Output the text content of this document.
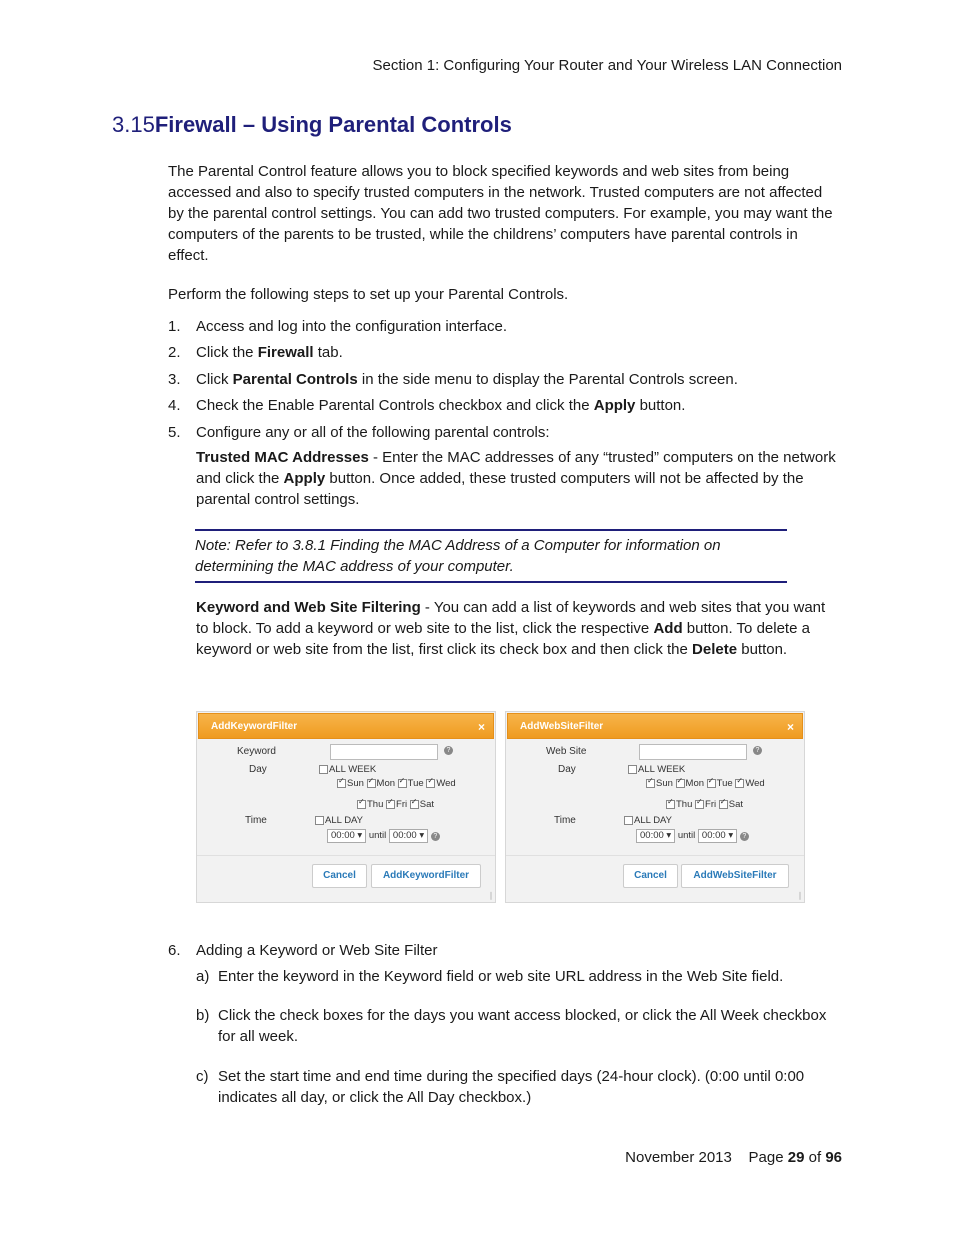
Section 1: Configuring Your Router and Your Wireless LAN Connection
3.15Firewall – Using Parental Controls
The Parental Control feature allows you to block specified keywords and web sites from being accessed and also to specify trusted computers in the network. Trusted computers are not affected by the parental control settings. You can add two trusted computers. For example, you may want the computers of the parents to be trusted, while the childrens’ computers have parental controls in effect.
Perform the following steps to set up your Parental Controls.
1.	Access and log into the configuration interface.
2.	Click the Firewall tab.
3.	Click Parental Controls in the side menu to display the Parental Controls screen.
4.	Check the Enable Parental Controls checkbox and click the Apply button.
5.	Configure any or all of the following parental controls:
Trusted MAC Addresses - Enter the MAC addresses of any “trusted” computers on the network and click the Apply button. Once added, these trusted computers will not be affected by the parental control settings.
Note: Refer to 3.8.1 Finding the MAC Address of a Computer for information on determining the MAC address of your computer.
Keyword and Web Site Filtering - You can add a list of keywords and web sites that you want to block. To add a keyword or web site to the list, click the respective Add button. To delete a keyword or web site from the list, first click its check box and then click the Delete button.
AddKeywordFilter	×
Keyword	?
Day	ALL WEEK
✓Sun ✓ Mon ✓ Tue ✓ Wed
✓Thu ✓ Fri ✓ Sat
Time	ALL DAY
00:00 ▾ until 00:00 ▾ ?
Cancel	AddKeywordFilter
∣
AddWebSiteFilter	×
Web Site	?
Day	ALL WEEK
✓Sun ✓ Mon ✓ Tue ✓ Wed
✓Thu ✓ Fri ✓ Sat
Time	ALL DAY
00:00 ▾ until 00:00 ▾ ?
Cancel	AddWebSiteFilter
∣
6.	Adding a Keyword or Web Site Filter
a) Enter the keyword in the Keyword field or web site URL address in the Web Site field.
b) Click the check boxes for the days you want access blocked, or click the All Week checkbox for all week.
c) Set the start time and end time during the specified days (24-hour clock). (0:00 until 0:00 indicates all day, or click the All Day checkbox.)
November 2013 Page 29 of 96
